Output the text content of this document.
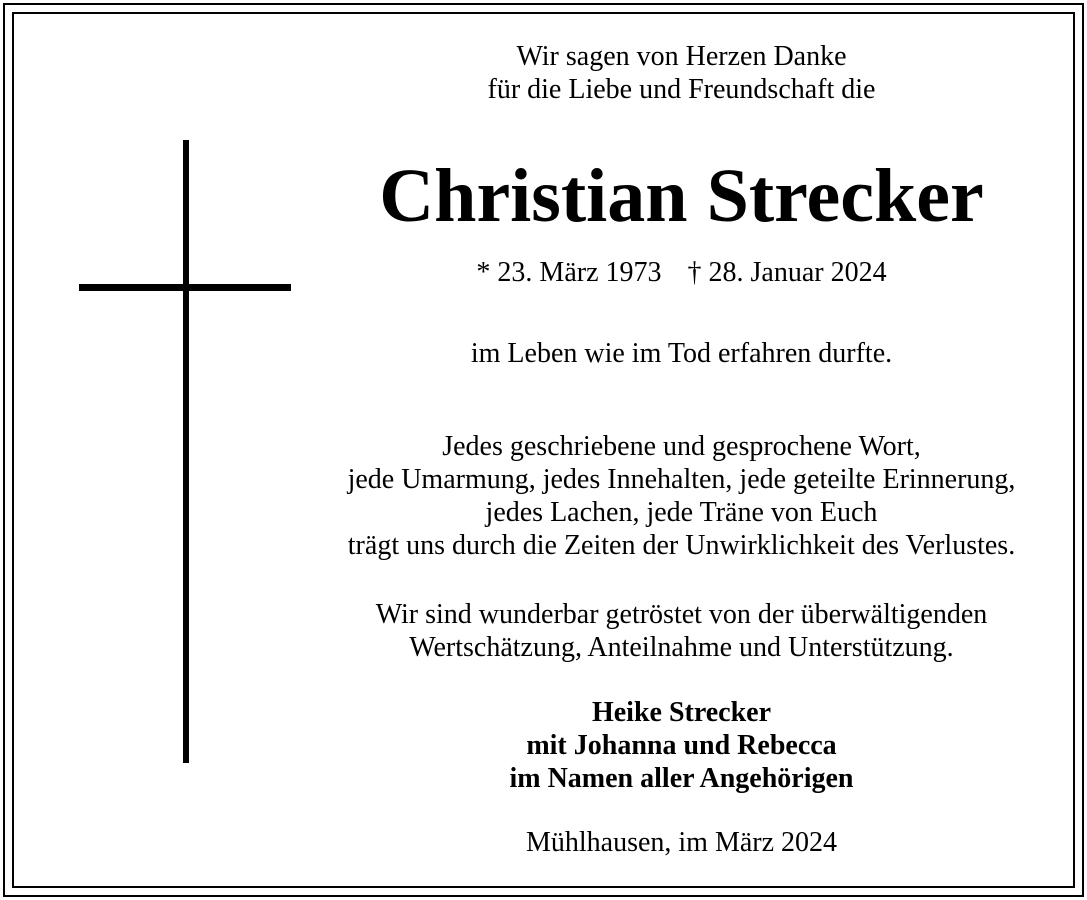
Wir sagen von Herzen Danke
für die Liebe und Freundschaft die
Christian Strecker
* 23. März 1973 † 28. Januar 2024
im Leben wie im Tod erfahren durfte.
Jedes geschriebene und gesprochene Wort,
jede Umarmung, jedes Innehalten, jede geteilte Erinnerung,
jedes Lachen, jede Träne von Euch
trägt uns durch die Zeiten der Unwirklichkeit des Verlustes.
Wir sind wunderbar getröstet von der überwältigenden
Wertschätzung, Anteilnahme und Unterstützung.
Heike Strecker
mit Johanna und Rebecca
im Namen aller Angehörigen
Mühlhausen, im März 2024
